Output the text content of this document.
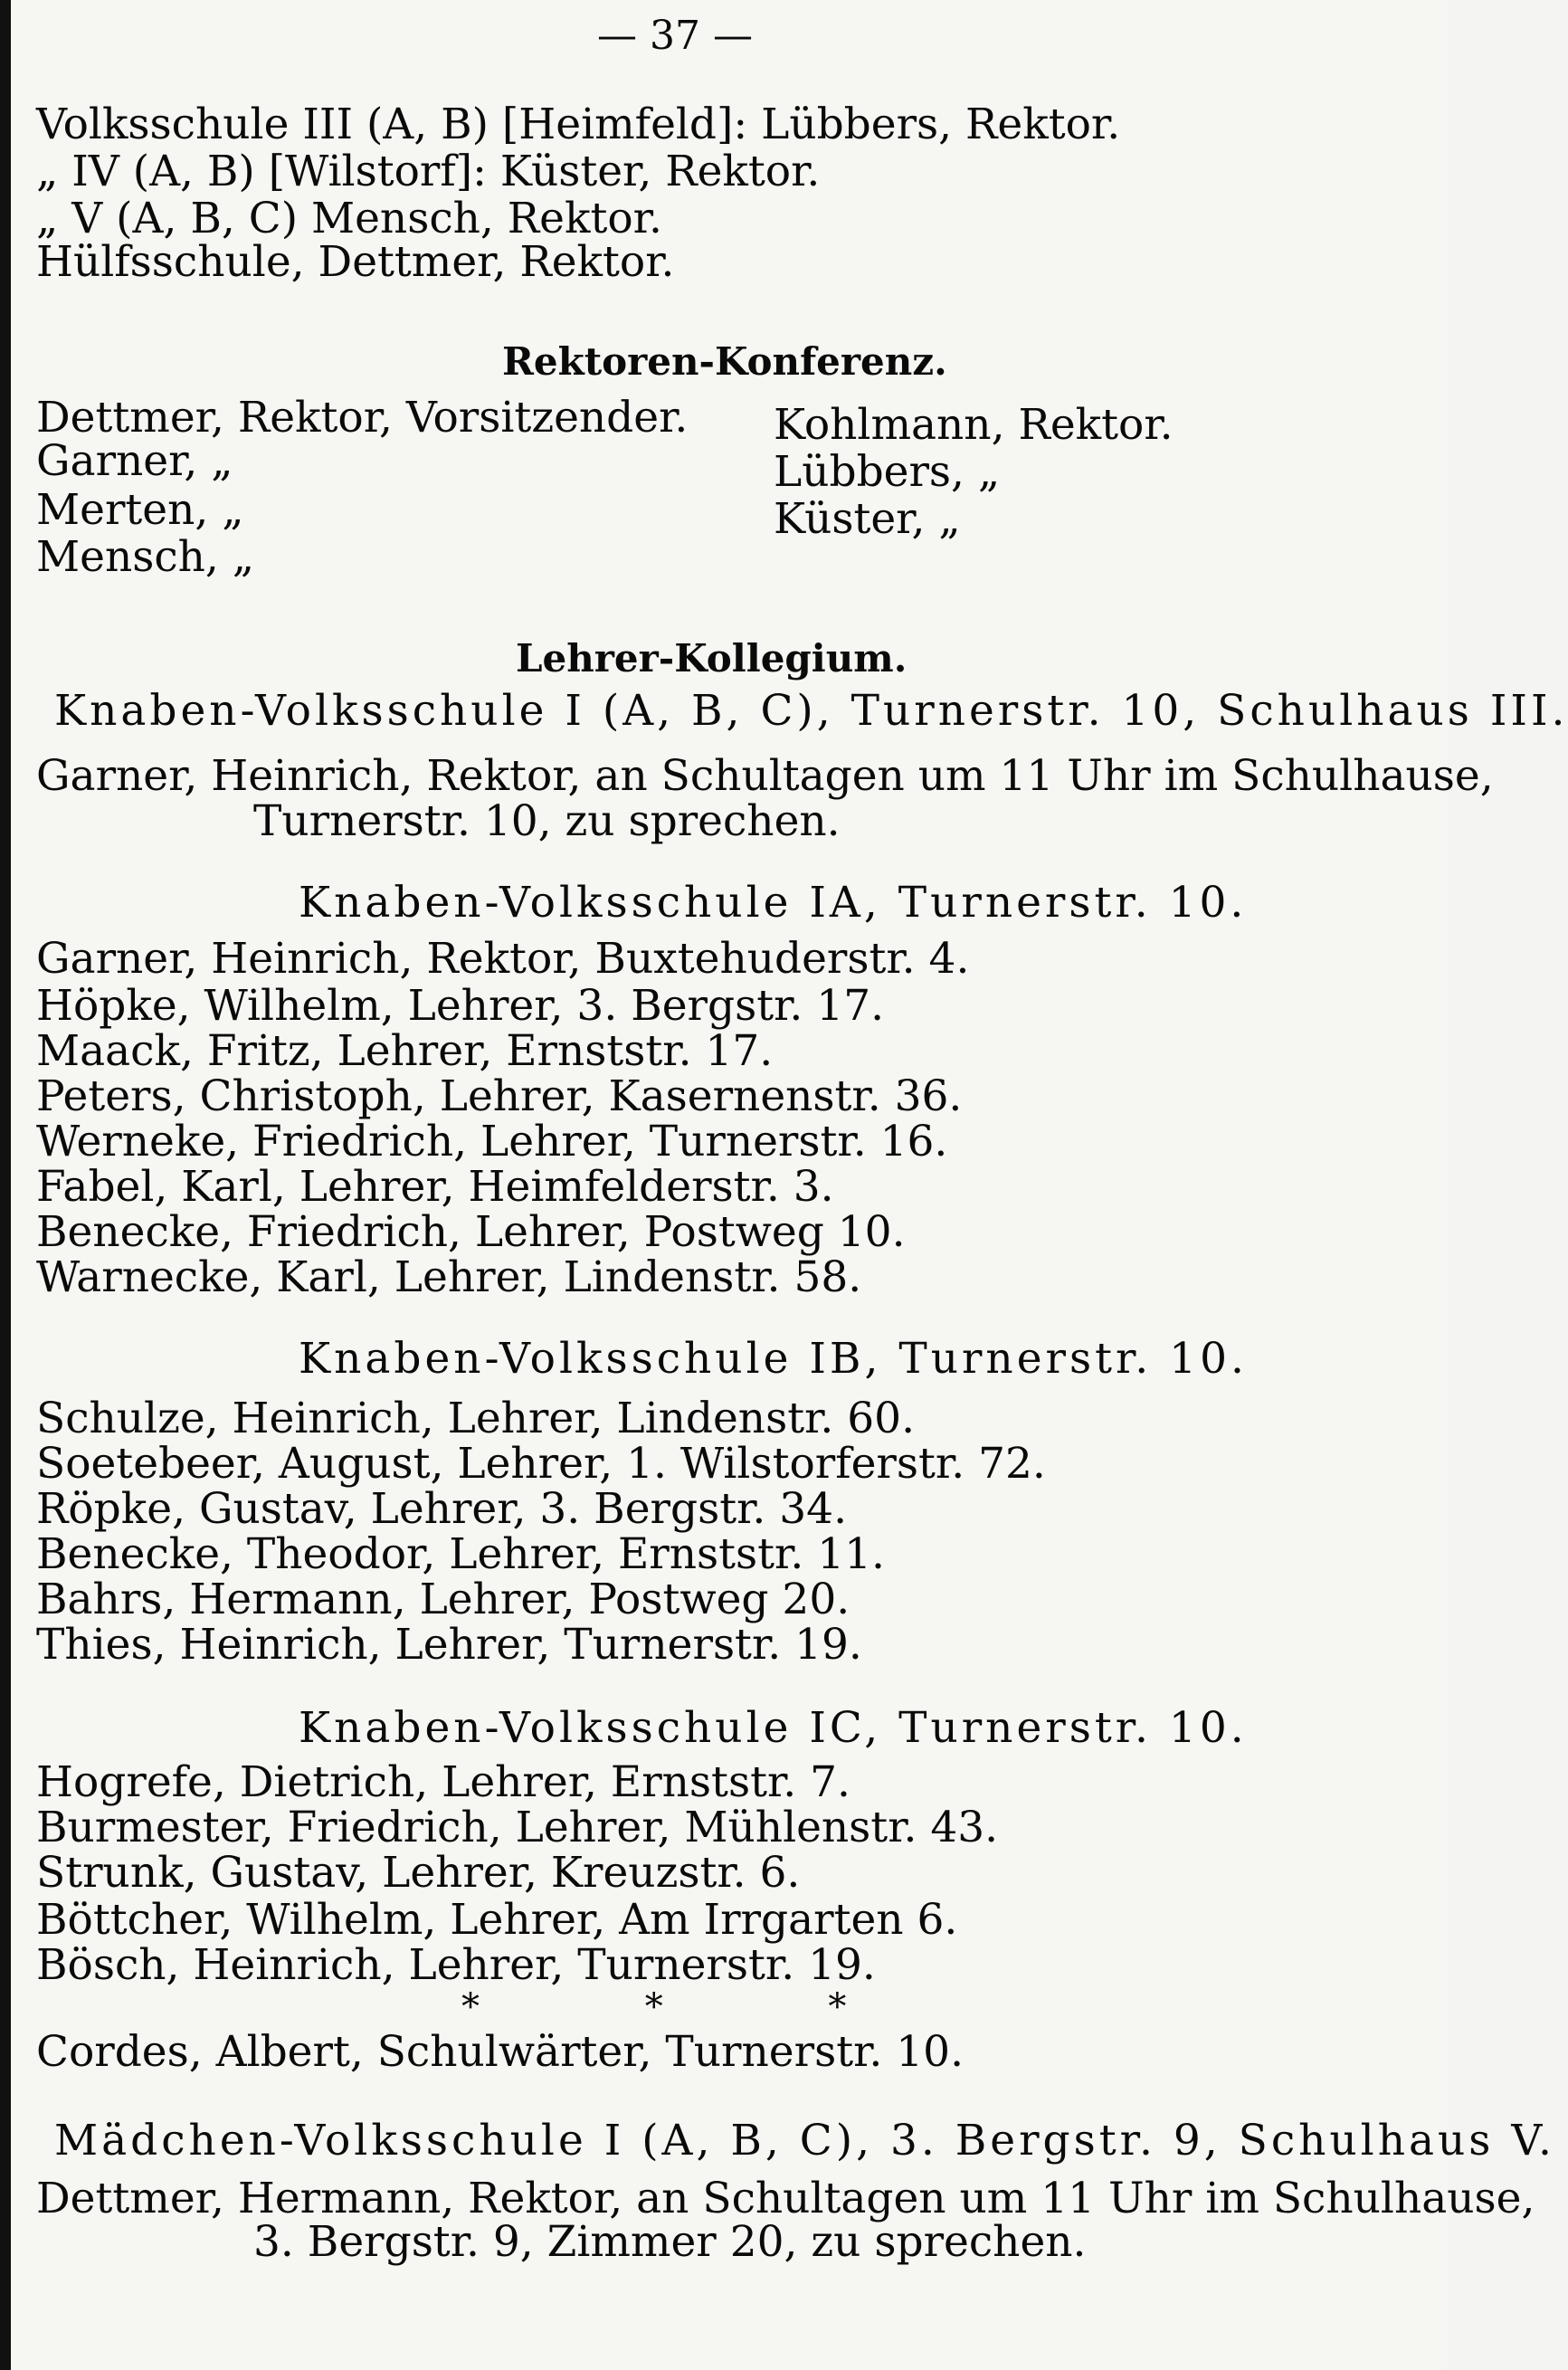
— 37 —
Volksschule III (A, B) [Heimfeld]: Lübbers, Rektor.
„ IV (A, B) [Wilstorf]: Küster, Rektor.
„ V (A, B, C) Mensch, Rektor.
Hülfsschule, Dettmer, Rektor.
Rektoren-Konferenz.
Dettmer, Rektor, Vorsitzender.
Garner, „
Merten, „
Mensch, „
Kohlmann, Rektor.
Lübbers, „
Küster, „
Lehrer-Kollegium.
Knaben-Volksschule I (A, B, C), Turnerstr. 10, Schulhaus III.
Garner, Heinrich, Rektor, an Schultagen um 11 Uhr im Schulhause,
Turnerstr. 10, zu sprechen.
Knaben-Volksschule IA, Turnerstr. 10.
Garner, Heinrich, Rektor, Buxtehuderstr. 4.
Höpke, Wilhelm, Lehrer, 3. Bergstr. 17.
Maack, Fritz, Lehrer, Ernststr. 17.
Peters, Christoph, Lehrer, Kasernenstr. 36.
Werneke, Friedrich, Lehrer, Turnerstr. 16.
Fabel, Karl, Lehrer, Heimfelderstr. 3.
Benecke, Friedrich, Lehrer, Postweg 10.
Warnecke, Karl, Lehrer, Lindenstr. 58.
Knaben-Volksschule IB, Turnerstr. 10.
Schulze, Heinrich, Lehrer, Lindenstr. 60.
Soetebeer, August, Lehrer, 1. Wilstorferstr. 72.
Röpke, Gustav, Lehrer, 3. Bergstr. 34.
Benecke, Theodor, Lehrer, Ernststr. 11.
Bahrs, Hermann, Lehrer, Postweg 20.
Thies, Heinrich, Lehrer, Turnerstr. 19.
Knaben-Volksschule IC, Turnerstr. 10.
Hogrefe, Dietrich, Lehrer, Ernststr. 7.
Burmester, Friedrich, Lehrer, Mühlenstr. 43.
Strunk, Gustav, Lehrer, Kreuzstr. 6.
Böttcher, Wilhelm, Lehrer, Am Irrgarten 6.
Bösch, Heinrich, Lehrer, Turnerstr. 19.
* * *
Cordes, Albert, Schulwärter, Turnerstr. 10.
Mädchen-Volksschule I (A, B, C), 3. Bergstr. 9, Schulhaus V.
Dettmer, Hermann, Rektor, an Schultagen um 11 Uhr im Schulhause,
3. Bergstr. 9, Zimmer 20, zu sprechen.
